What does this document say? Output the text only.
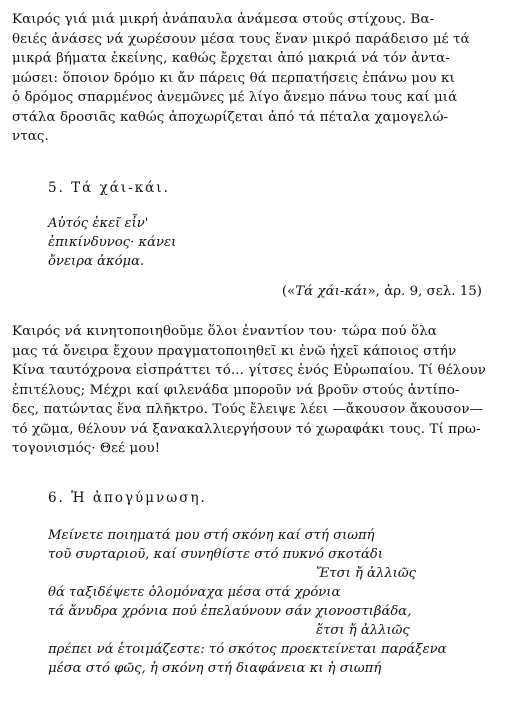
Καιρός γιά μιά μικρή ἀνάπαυλα ἀνάμεσα στούς στίχους. Βα-
θειές ἀνάσες νά χωρέσουν μέσα τους ἕναν μικρό παράδεισο μέ τά
μικρά βήματα ἐκείνης, καθώς ἔρχεται ἀπό μακριά νά τόν ἀντα-
μώσει: ὅποιον δρόμο κι ἄν πάρεις θά περπατήσεις ἐπάνω μου κι
ὁ δρόμος σπαρμένος ἀνεμῶνες μέ λίγο ἄνεμο πάνω τους καί μιά
στάλα δροσιᾶς καθώς ἀποχωρίζεται ἀπό τά πέταλα χαμογελώ-
ντας.
5. Τά χάι-κάι.
Αὐτός ἐκεῖ εἶν'
ἐπικίνδυνος· κάνει
ὄνειρα ἀκόμα.
(«Τά χάι-κάι», ἀρ. 9, σελ. 15)
Καιρός νά κινητοποιηθοῦμε ὅλοι ἐναντίον του· τώρα πού ὅλα
μας τά ὄνειρα ἔχουν πραγματοποιηθεῖ κι ἐνῶ ἠχεῖ κάποιος στήν
Κίνα ταυτόχρονα εἰσπράττει τό... γίτσες ἑνός Εὐρωπαίου. Τί θέλουν
ἐπιτέλους; Μέχρι καί φιλενάδα μποροῦν νά βροῦν στούς ἀντίπο-
δες, πατώντας ἕνα πλῆκτρο. Τούς ἔλειψε λέει —ἄκουσον ἄκουσον—
τό χῶμα, θέλουν νά ξανακαλλιεργήσουν τό χωραφάκι τους. Τί πρω-
τογονισμός· Θεέ μου!
6. Ἡ ἀπογύμνωση.
Μείνετε ποιηματά μου στή σκόνη καί στή σιωπή
τοῦ συρταριοῦ, καί συνηθίστε στό πυκνό σκοτάδι
Ἔτσι ἤ ἀλλιῶς
θά ταξιδέψετε ὁλομόναχα μέσα στά χρόνια
τά ἄνυδρα χρόνια πού ἐπελαύνουν σάν χιονοστιβάδα,
ἔτσι ἤ ἀλλιῶς
πρέπει νά ἑτοιμάζεστε: τό σκότος προεκτείνεται παράξενα
μέσα στό φῶς, ἡ σκόνη στή διαφάνεια κι ἡ σιωπή
